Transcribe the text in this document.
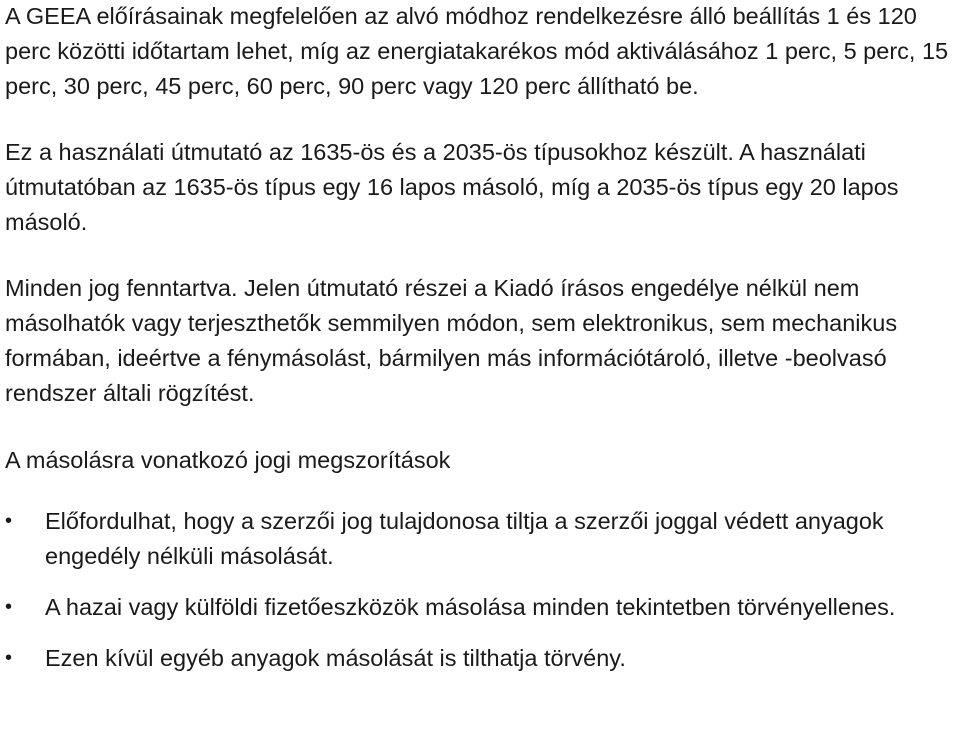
A GEEA előírásainak megfelelően az alvó módhoz rendelkezésre álló beállítás 1 és 120 perc közötti időtartam lehet, míg az energiatakarékos mód aktiválásához 1 perc, 5 perc, 15 perc, 30 perc, 45 perc, 60 perc, 90 perc vagy 120 perc állítható be.

Ez a használati útmutató az 1635-ös és a 2035-ös típusokhoz készült. A használati útmutatóban az 1635-ös típus egy 16 lapos másoló, míg a 2035-ös típus egy 20 lapos másoló.

Minden jog fenntartva. Jelen útmutató részei a Kiadó írásos engedélye nélkül nem másolhatók vagy terjeszthetők semmilyen módon, sem elektronikus, sem mechanikus formában, ideértve a fénymásolást, bármilyen más információtároló, illetve -beolvasó rendszer általi rögzítést.

A másolásra vonatkozó jogi megszorítások

•	Előfordulhat, hogy a szerzői jog tulajdonosa tiltja a szerzői joggal védett anyagok engedély nélküli másolását.
•	A hazai vagy külföldi fizetőeszközök másolása minden tekintetben törvényellenes.
•	Ezen kívül egyéb anyagok másolását is tilthatja törvény.
